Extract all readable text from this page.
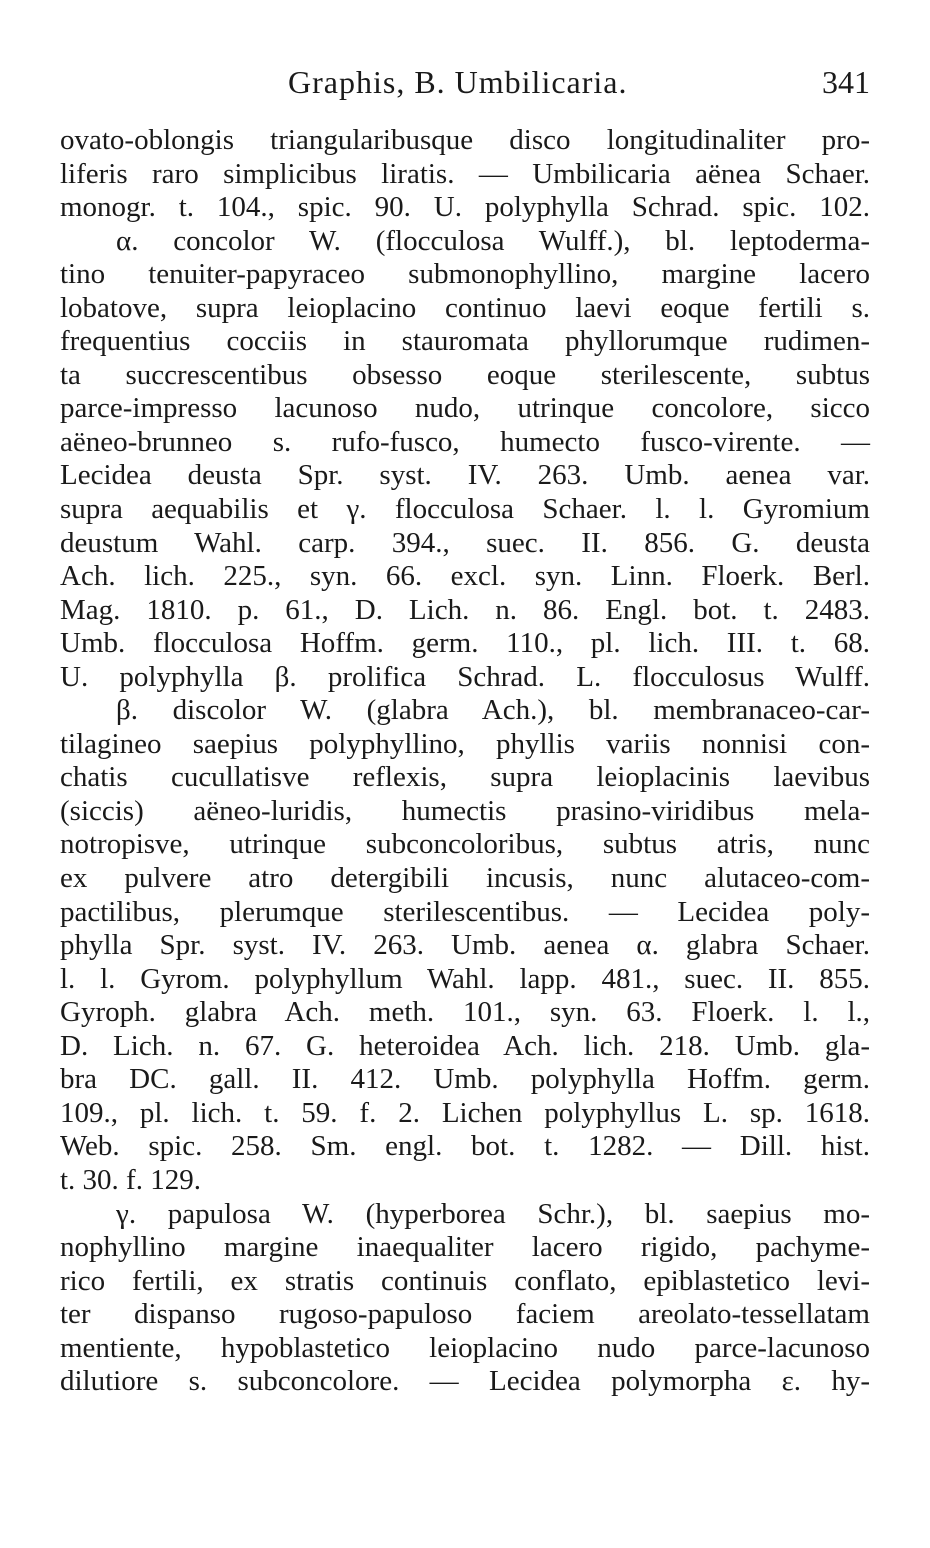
Graphis, B. Umbilicaria.	341
ovato-oblongis triangularibusque disco longitudinaliter pro-
liferis raro simplicibus liratis. — Umbilicaria aënea Schaer.
monogr. t. 104., spic. 90. U. polyphylla Schrad. spic. 102.
α. concolor W. (flocculosa Wulff.), bl. leptoderma-
tino tenuiter-papyraceo submonophyllino, margine lacero
lobatove, supra leioplacino continuo laevi eoque fertili s.
frequentius cocciis in stauromata phyllorumque rudimen-
ta succrescentibus obsesso eoque sterilescente, subtus
parce-impresso lacunoso nudo, utrinque concolore, sicco
aëneo-brunneo s. rufo-fusco, humecto fusco-virente. —
Lecidea deusta Spr. syst. IV. 263. Umb. aenea var.
supra aequabilis et γ. flocculosa Schaer. l. l. Gyromium
deustum Wahl. carp. 394., suec. II. 856. G. deusta
Ach. lich. 225., syn. 66. excl. syn. Linn. Floerk. Berl.
Mag. 1810. p. 61., D. Lich. n. 86. Engl. bot. t. 2483.
Umb. flocculosa Hoffm. germ. 110., pl. lich. III. t. 68.
U. polyphylla β. prolifica Schrad. L. flocculosus Wulff.
β. discolor W. (glabra Ach.), bl. membranaceo-car-
tilagineo saepius polyphyllino, phyllis variis nonnisi con-
chatis cucullatisve reflexis, supra leioplacinis laevibus
(siccis) aëneo-luridis, humectis prasino-viridibus mela-
notropisve, utrinque subconcoloribus, subtus atris, nunc
ex pulvere atro detergibili incusis, nunc alutaceo-com-
pactilibus, plerumque sterilescentibus. — Lecidea poly-
phylla Spr. syst. IV. 263. Umb. aenea α. glabra Schaer.
l. l. Gyrom. polyphyllum Wahl. lapp. 481., suec. II. 855.
Gyroph. glabra Ach. meth. 101., syn. 63. Floerk. l. l.,
D. Lich. n. 67. G. heteroidea Ach. lich. 218. Umb. gla-
bra DC. gall. II. 412. Umb. polyphylla Hoffm. germ.
109., pl. lich. t. 59. f. 2. Lichen polyphyllus L. sp. 1618.
Web. spic. 258. Sm. engl. bot. t. 1282. — Dill. hist.
t. 30. f. 129.
γ. papulosa W. (hyperborea Schr.), bl. saepius mo-
nophyllino margine inaequaliter lacero rigido, pachyme-
rico fertili, ex stratis continuis conflato, epiblastetico levi-
ter dispanso rugoso-papuloso faciem areolato-tessellatam
mentiente, hypoblastetico leioplacino nudo parce-lacunoso
dilutiore s. subconcolore. — Lecidea polymorpha ε. hy-
